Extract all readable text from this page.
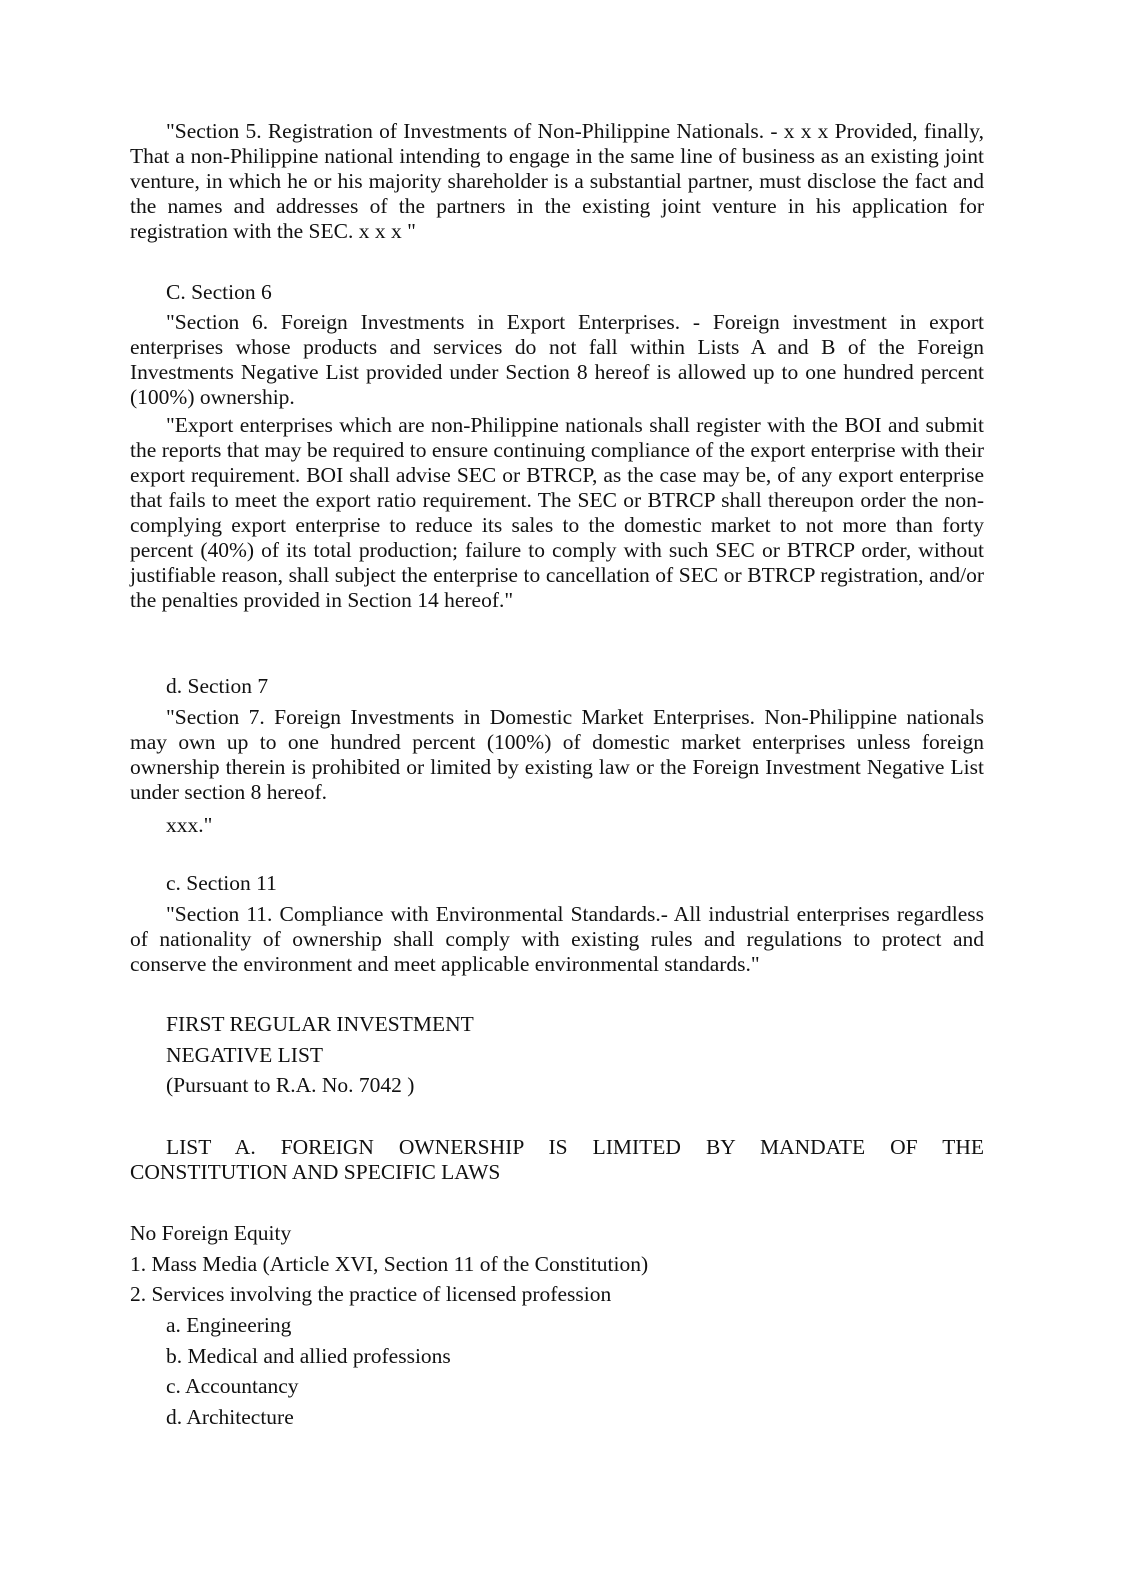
"Section 5. Registration of Investments of Non-Philippine Nationals. - x x x Provided, finally, That a non-Philippine national intending to engage in the same line of business as an existing joint venture, in which he or his majority shareholder is a substantial partner, must disclose the fact and the names and addresses of the partners in the existing joint venture in his application for registration with the SEC. x x x "

C. Section 6

"Section 6. Foreign Investments in Export Enterprises. - Foreign investment in export enterprises whose products and services do not fall within Lists A and B of the Foreign Investments Negative List provided under Section 8 hereof is allowed up to one hundred percent (100%) ownership.

"Export enterprises which are non-Philippine nationals shall register with the BOI and submit the reports that may be required to ensure continuing compliance of the export enterprise with their export requirement. BOI shall advise SEC or BTRCP, as the case may be, of any export enterprise that fails to meet the export ratio requirement. The SEC or BTRCP shall thereupon order the non-complying export enterprise to reduce its sales to the domestic market to not more than forty percent (40%) of its total production; failure to comply with such SEC or BTRCP order, without justifiable reason, shall subject the enterprise to cancellation of SEC or BTRCP registration, and/or the penalties provided in Section 14 hereof."

d. Section 7

"Section 7. Foreign Investments in Domestic Market Enterprises. Non-Philippine nationals may own up to one hundred percent (100%) of domestic market enterprises unless foreign ownership therein is prohibited or limited by existing law or the Foreign Investment Negative List under section 8 hereof.

xxx."
c. Section 11

"Section 11. Compliance with Environmental Standards.- All industrial enterprises regardless of nationality of ownership shall comply with existing rules and regulations to protect and conserve the environment and meet applicable environmental standards."

FIRST REGULAR INVESTMENT
NEGATIVE LIST
(Pursuant to R.A. No. 7042 )
LIST A. FOREIGN OWNERSHIP IS LIMITED BY MANDATE OF THE
CONSTITUTION AND SPECIFIC LAWS
No Foreign Equity
1. Mass Media (Article XVI, Section 11 of the Constitution)
2. Services involving the practice of licensed profession
a. Engineering
b. Medical and allied professions
c. Accountancy
d. Architecture
